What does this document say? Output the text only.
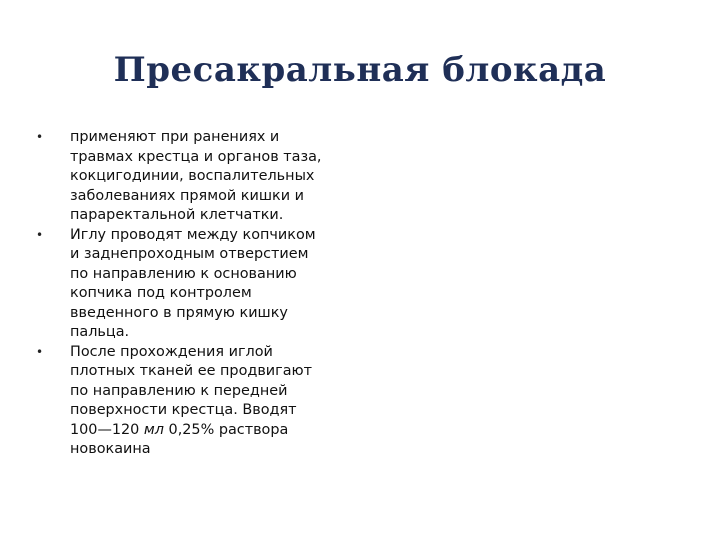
Пресакральная блокада
•	применяют при ранениях и
травмах крестца и органов таза,
кокцигодинии, воспалительных
заболеваниях прямой кишки и
параректальной клетчатки.
•	Иглу проводят между копчиком
и заднепроходным отверстием
по направлению к основанию
копчика под контролем
введенного в прямую кишку
пальца.
•	После прохождения иглой
плотных тканей ее продвигают
по направлению к передней
поверхности крестца. Вводят
100—120 мл 0,25% раствора
новокаина
